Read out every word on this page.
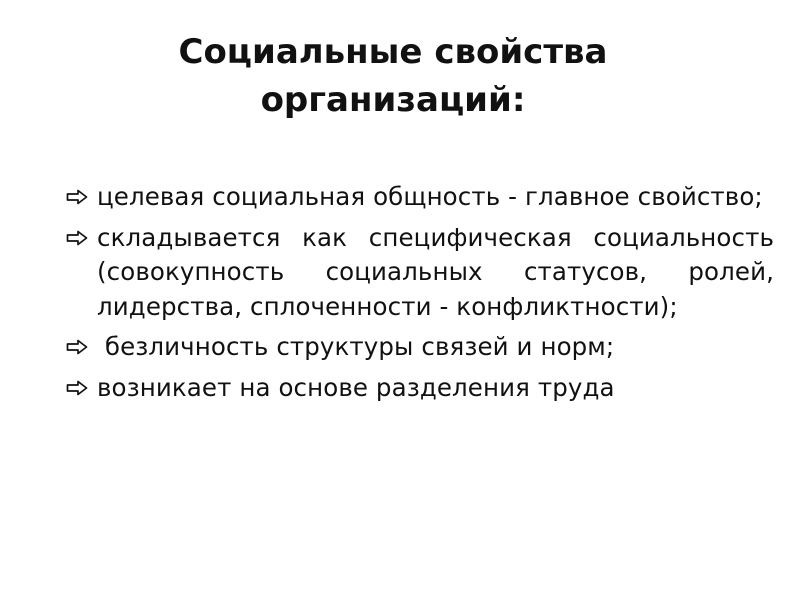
Социальные свойства
организаций:
целевая социальная общность - главное свойство;
складывается как специфическая социальность (совокупность социальных статусов, ролей, лидерства, сплоченности - конфликтности);
безличность структуры связей и норм;
возникает на основе разделения труда
